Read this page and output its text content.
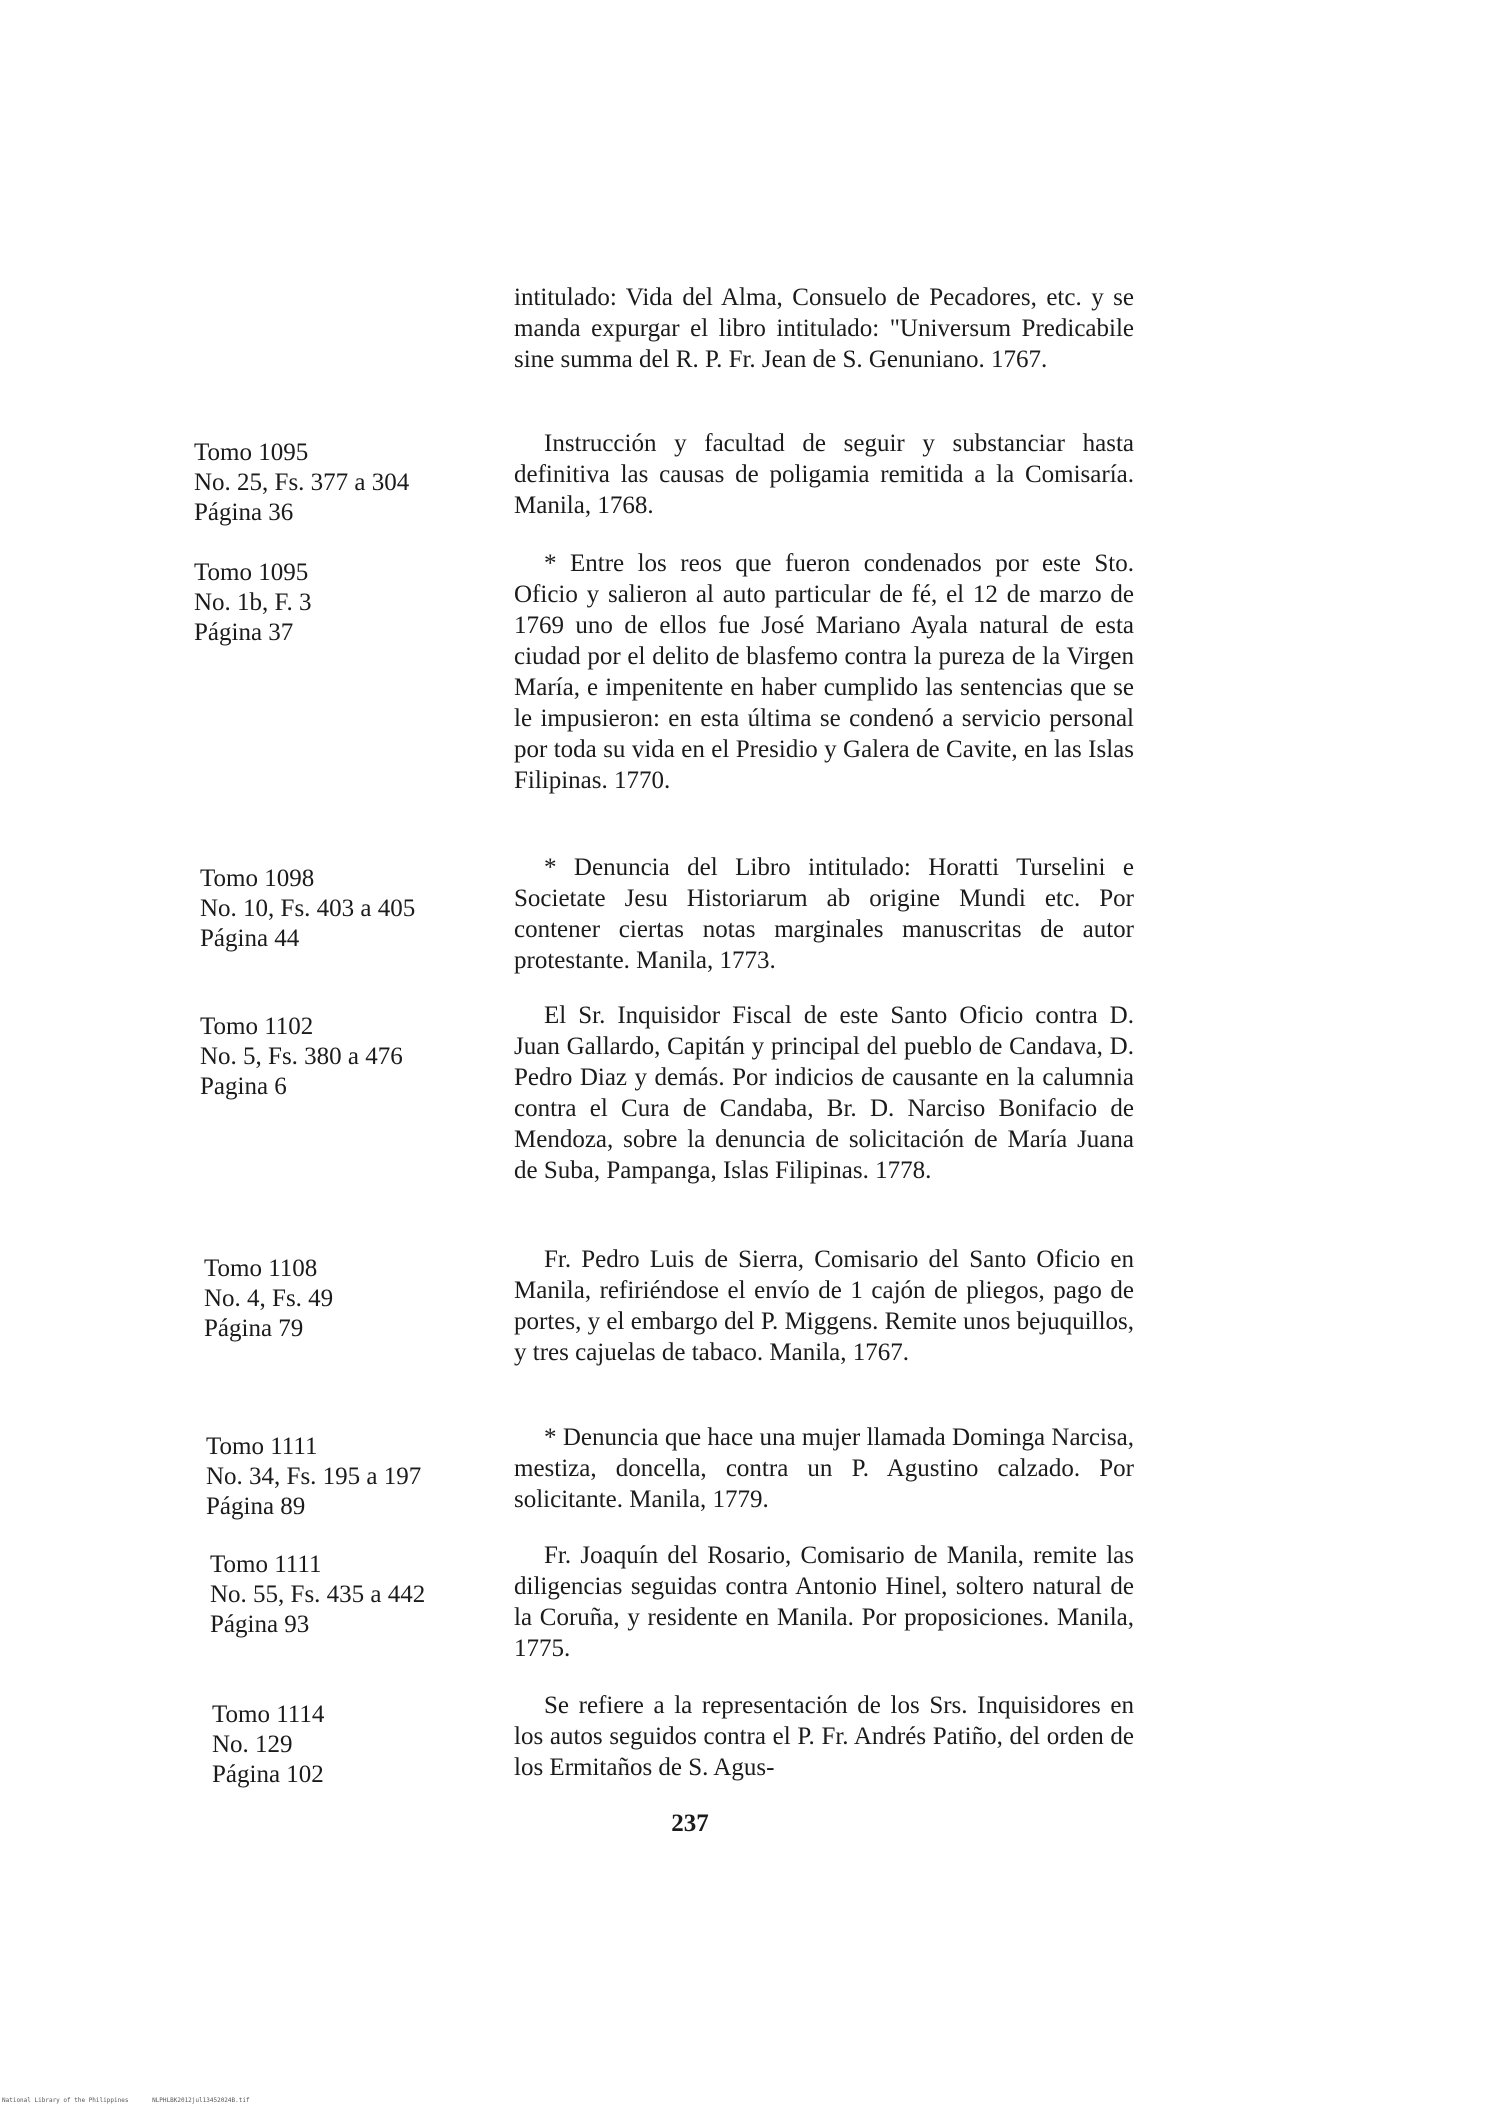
intitulado: Vida del Alma, Consuelo de Pecadores, etc. y se manda expurgar el libro intitulado: "Universum Predicabile sine summa del R. P. Fr. Jean de S. Genuniano. 1767.
Tomo 1095
No. 25, Fs. 377 a 304
Página 36
Instrucción y facultad de seguir y substanciar hasta definitiva las causas de poligamia remitida a la Comisaría. Manila, 1768.
Tomo 1095
No. 1b, F. 3
Página 37
* Entre los reos que fueron condenados por este Sto. Oficio y salieron al auto particular de fé, el 12 de marzo de 1769 uno de ellos fue José Mariano Ayala natural de esta ciudad por el delito de blasfemo contra la pureza de la Virgen María, e impenitente en haber cumplido las sentencias que se le impusieron: en esta última se condenó a servicio personal por toda su vida en el Presidio y Galera de Cavite, en las Islas Filipinas. 1770.
Tomo 1098
No. 10, Fs. 403 a 405
Página 44
* Denuncia del Libro intitulado: Horatti Turselini e Societate Jesu Historiarum ab origine Mundi etc. Por contener ciertas notas marginales manuscritas de autor protestante. Manila, 1773.
Tomo 1102
No. 5, Fs. 380 a 476
Pagina 6
El Sr. Inquisidor Fiscal de este Santo Oficio contra D. Juan Gallardo, Capitán y principal del pueblo de Candava, D. Pedro Diaz y demás. Por indicios de causante en la calumnia contra el Cura de Candaba, Br. D. Narciso Bonifacio de Mendoza, sobre la denuncia de solicitación de María Juana de Suba, Pampanga, Islas Filipinas. 1778.
Tomo 1108
No. 4, Fs. 49
Página 79
Fr. Pedro Luis de Sierra, Comisario del Santo Oficio en Manila, refiriéndose el envío de 1 cajón de pliegos, pago de portes, y el embargo del P. Miggens. Remite unos bejuquillos, y tres cajuelas de tabaco. Manila, 1767.
Tomo 1111
No. 34, Fs. 195 a 197
Página 89
* Denuncia que hace una mujer llamada Dominga Narcisa, mestiza, doncella, contra un P. Agustino calzado. Por solicitante. Manila, 1779.
Tomo 1111
No. 55, Fs. 435 a 442
Página 93
Fr. Joaquín del Rosario, Comisario de Manila, remite las diligencias seguidas contra Antonio Hinel, soltero natural de la Coruña, y residente en Manila. Por proposiciones. Manila, 1775.
Tomo 1114
No. 129
Página 102
Se refiere a la representación de los Srs. Inquisidores en los autos seguidos contra el P. Fr. Andrés Patiño, del orden de los Ermitaños de S. Agus-
237
National Library of the Philippines	NLPHLBK2012jul13452024B.tif
